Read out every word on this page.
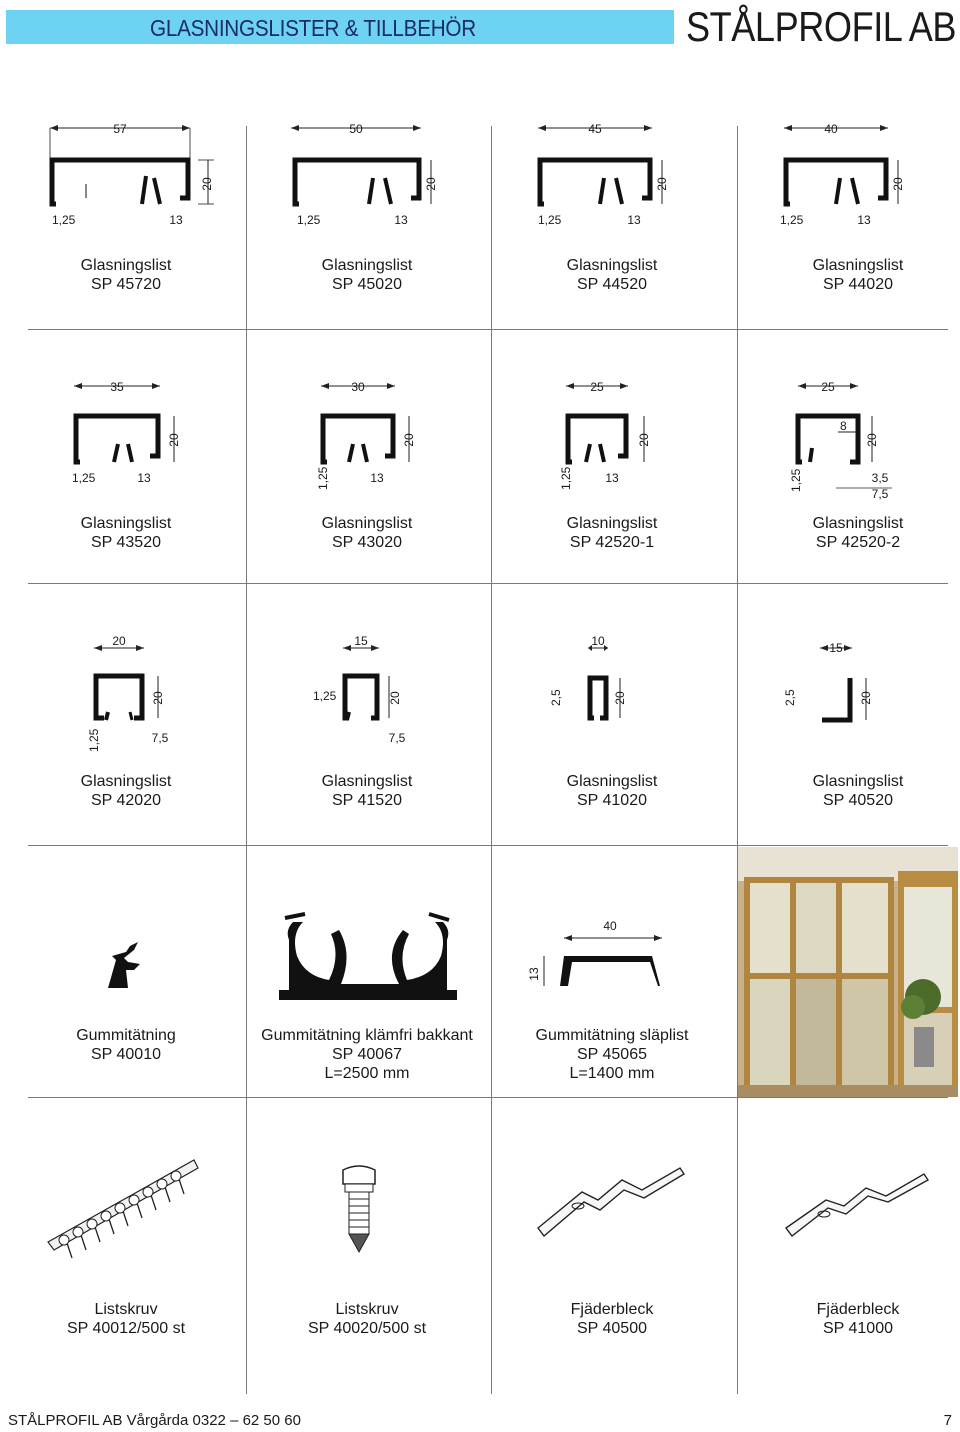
GLASNINGSLISTER & TILLBEHÖR	STÅLPROFIL AB
57
20
1,25	13
Glasningslist
SP 45720
50
20
1,25	13
Glasningslist
SP 45020
45
20
1,25	13
Glasningslist
SP 44520
40
20
1,25	13
Glasningslist
SP 44020
35
20
1,25	13
Glasningslist
SP 43520
30
20
1,25	13
Glasningslist
SP 43020
25
20
1,25	13
Glasningslist
SP 42520-1
25
8
20
1,25	3,5
7,5
Glasningslist
SP 42520-2
20
20
1,25	7,5
Glasningslist
SP 42020
15
1,25	20
7,5
Glasningslist
SP 41520
10
20
2,5
Glasningslist
SP 41020
15
20
2,5
Glasningslist
SP 40520
Gummitätning
SP 40010
Gummitätning klämfri bakkant
SP 40067
L=2500 mm
40
13
Gummitätning släplist
SP 45065
L=1400 mm
Listskruv
SP 40012/500 st
Listskruv
SP 40020/500 st
Fjäderbleck
SP 40500
Fjäderbleck
SP 41000
STÅLPROFIL AB Vårgårda 0322 – 62 50 60	7
